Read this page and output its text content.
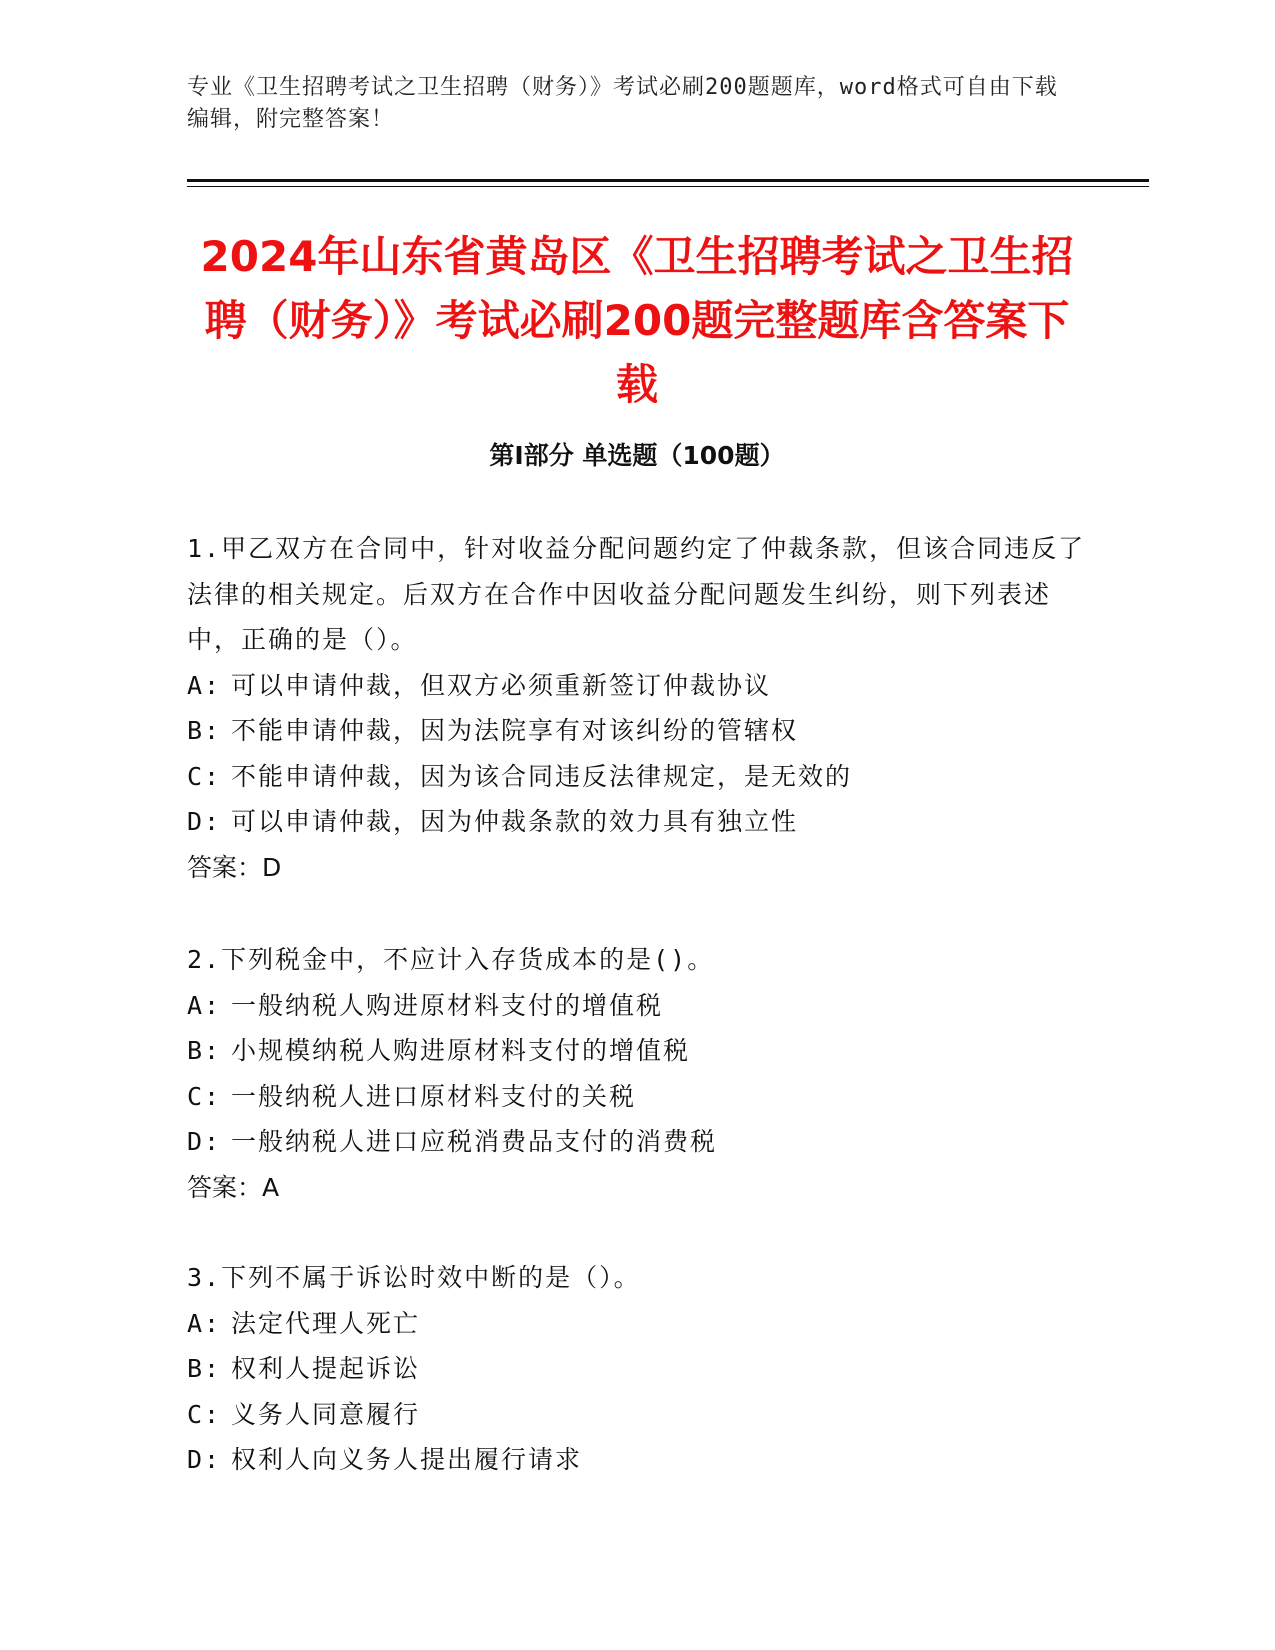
专业《卫生招聘考试之卫生招聘（财务）》考试必刷200题题库，word格式可自由下载编辑，附完整答案！
2024年山东省黄岛区《卫生招聘考试之卫生招聘（财务）》考试必刷200题完整题库含答案下载
第Ⅰ部分 单选题（100题）

1.甲乙双方在合同中，针对收益分配问题约定了仲裁条款，但该合同违反了法律的相关规定。后双方在合作中因收益分配问题发生纠纷，则下列表述中，正确的是（）。

A: 可以申请仲裁，但双方必须重新签订仲裁协议

B: 不能申请仲裁，因为法院享有对该纠纷的管辖权

C: 不能申请仲裁，因为该合同违反法律规定，是无效的

D: 可以申请仲裁，因为仲裁条款的效力具有独立性

答案：D

2.下列税金中，不应计入存货成本的是()。

A: 一般纳税人购进原材料支付的增值税

B: 小规模纳税人购进原材料支付的增值税

C: 一般纳税人进口原材料支付的关税

D: 一般纳税人进口应税消费品支付的消费税

答案：A

3.下列不属于诉讼时效中断的是（）。

A: 法定代理人死亡

B: 权利人提起诉讼

C: 义务人同意履行

D: 权利人向义务人提出履行请求
